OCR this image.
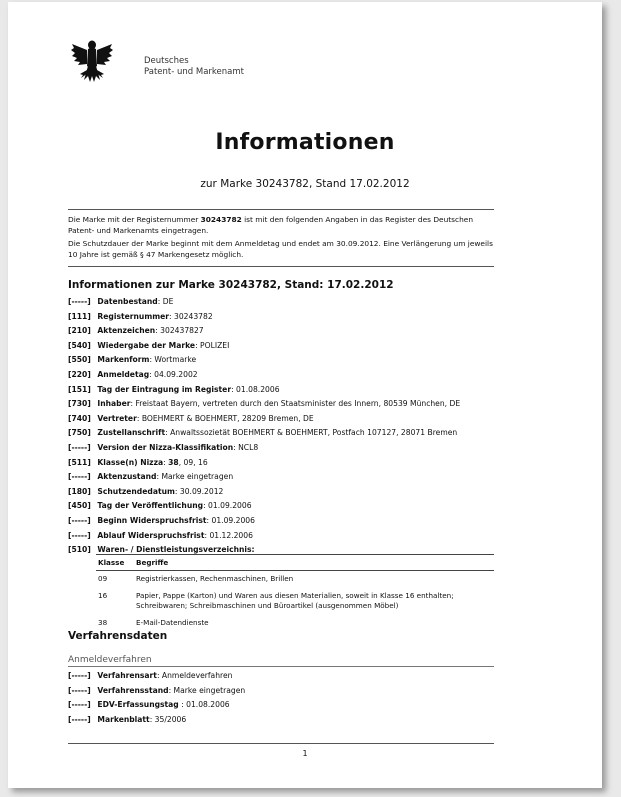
Deutsches
Patent- und Markenamt
Informationen
zur Marke 30243782, Stand 17.02.2012

Die Marke mit der Registernummer 30243782 ist mit den folgenden Angaben in das Register des Deutschen Patent- und Markenamts eingetragen.

Die Schutzdauer der Marke beginnt mit dem Anmeldetag und endet am 30.09.2012. Eine Verlängerung um jeweils 10 Jahre ist gemäß § 47 Markengesetz möglich.

Informationen zur Marke 30243782, Stand: 17.02.2012
[-----] Datenbestand: DE
[111] Registernummer: 30243782
[210] Aktenzeichen: 302437827
[540] Wiedergabe der Marke: POLIZEI
[550] Markenform: Wortmarke
[220] Anmeldetag: 04.09.2002
[151] Tag der Eintragung im Register: 01.08.2006
[730] Inhaber: Freistaat Bayern, vertreten durch den Staatsminister des Innern, 80539 München, DE
[740] Vertreter: BOEHMERT & BOEHMERT, 28209 Bremen, DE
[750] Zustellanschrift: Anwaltssozietät BOEHMERT & BOEHMERT, Postfach 107127, 28071 Bremen
[-----] Version der Nizza-Klassifikation: NCL8
[511] Klasse(n) Nizza: 38, 09, 16
[-----] Aktenzustand: Marke eingetragen
[180] Schutzendedatum: 30.09.2012
[450] Tag der Veröffentlichung: 01.09.2006
[-----] Beginn Widerspruchsfrist: 01.09.2006
[-----] Ablauf Widerspruchsfrist: 01.12.2006
[510] Waren- / Dienstleistungsverzeichnis:
Klasse	Begriffe
09	Registrierkassen, Rechenmaschinen, Brillen
16	Papier, Pappe (Karton) und Waren aus diesen Materialien, soweit in Klasse 16 enthalten; Schreibwaren; Schreibmaschinen und Büroartikel (ausgenommen Möbel)
38	E-Mail-Datendienste
Verfahrensdaten
Anmeldeverfahren
[-----] Verfahrensart: Anmeldeverfahren
[-----] Verfahrensstand: Marke eingetragen
[-----] EDV-Erfassungstag : 01.08.2006
[-----] Markenblatt: 35/2006
1
